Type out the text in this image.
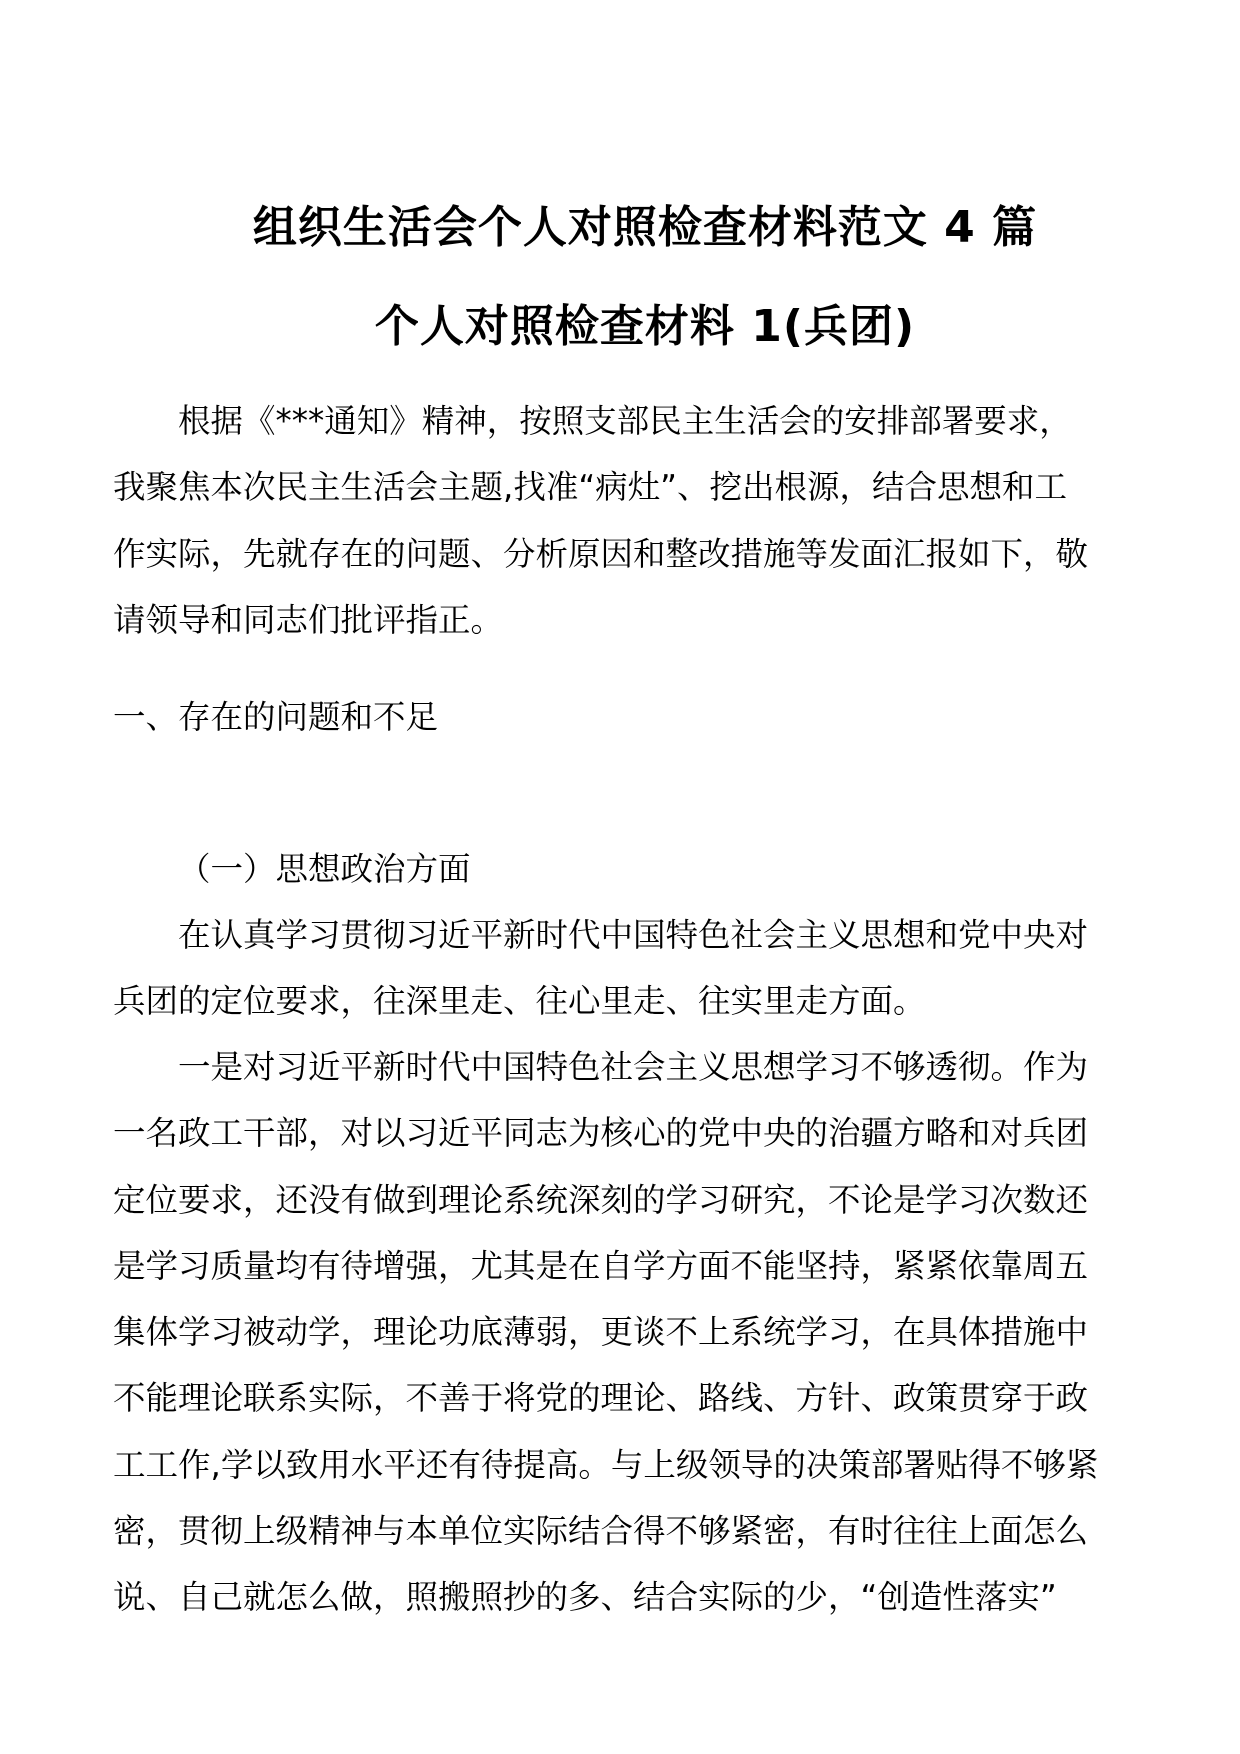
组织生活会个人对照检查材料范文 4 篇
个人对照检查材料 1(兵团)
根据《***通知》精神，按照支部民主生活会的安排部署要求，
我聚焦本次民主生活会主题,找准“病灶”、挖出根源，结合思想和工
作实际，先就存在的问题、分析原因和整改措施等发面汇报如下，敬
请领导和同志们批评指正。
一、存在的问题和不足
（一）思想政治方面
在认真学习贯彻习近平新时代中国特色社会主义思想和党中央对
兵团的定位要求，往深里走、往心里走、往实里走方面。
一是对习近平新时代中国特色社会主义思想学习不够透彻。作为
一名政工干部，对以习近平同志为核心的党中央的治疆方略和对兵团
定位要求，还没有做到理论系统深刻的学习研究，不论是学习次数还
是学习质量均有待增强，尤其是在自学方面不能坚持，紧紧依靠周五
集体学习被动学，理论功底薄弱，更谈不上系统学习，在具体措施中
不能理论联系实际，不善于将党的理论、路线、方针、政策贯穿于政
工工作,学以致用水平还有待提高。与上级领导的决策部署贴得不够紧
密，贯彻上级精神与本单位实际结合得不够紧密，有时往往上面怎么
说、自己就怎么做，照搬照抄的多、结合实际的少，“创造性落实”
